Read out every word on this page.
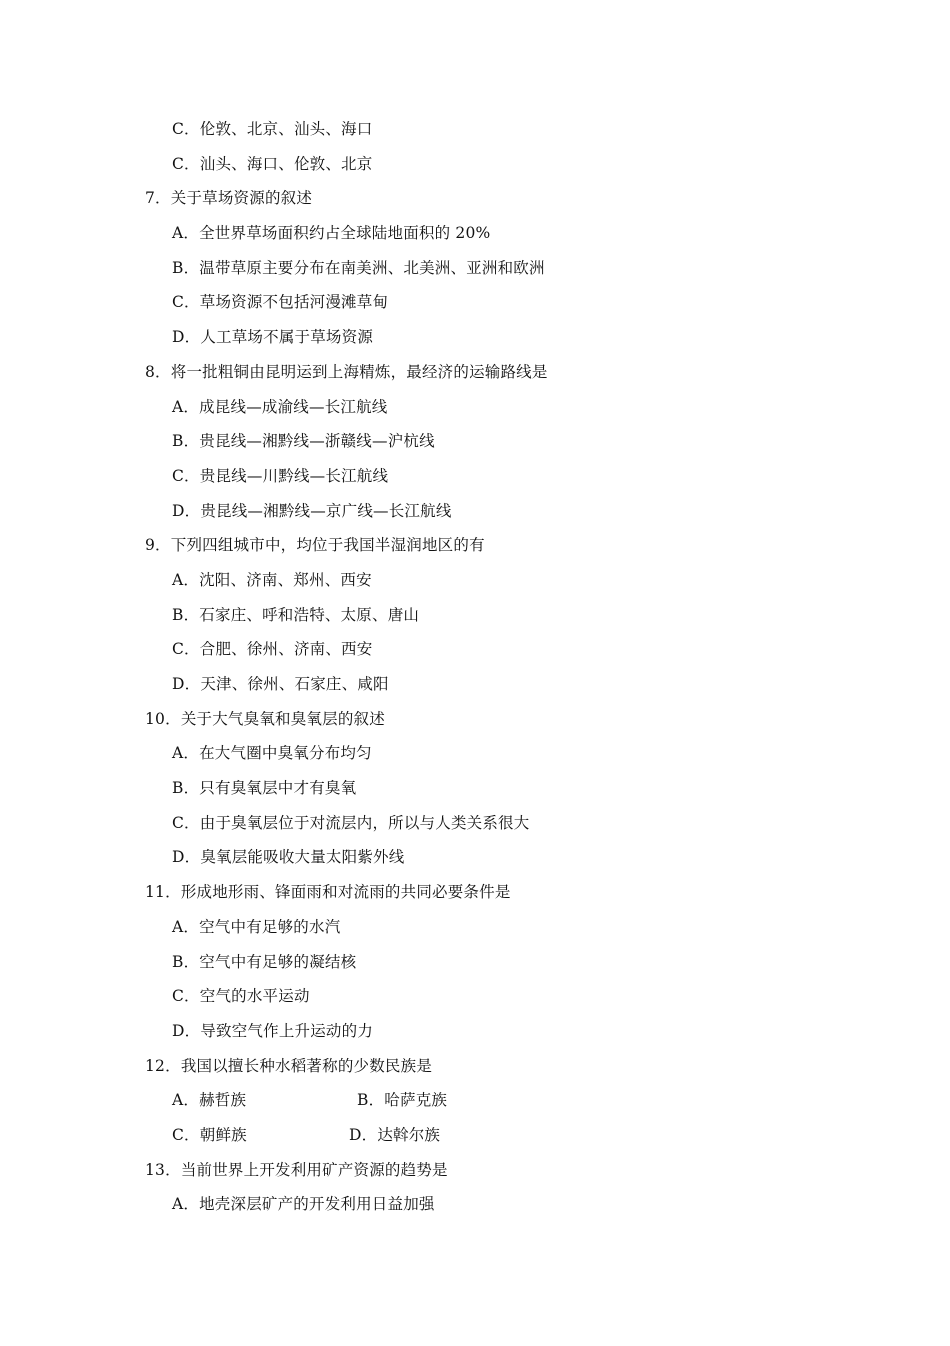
C．伦敦、北京、汕头、海口
C．汕头、海口、伦敦、北京
7．关于草场资源的叙述
A．全世界草场面积约占全球陆地面积的 20%
B．温带草原主要分布在南美洲、北美洲、亚洲和欧洲
C．草场资源不包括河漫滩草甸
D．人工草场不属于草场资源
8．将一批粗铜由昆明运到上海精炼，最经济的运输路线是
A．成昆线—成渝线—长江航线
B．贵昆线—湘黔线—浙赣线—沪杭线
C．贵昆线—川黔线—长江航线
D．贵昆线—湘黔线—京广线—长江航线
9．下列四组城市中，均位于我国半湿润地区的有
A．沈阳、济南、郑州、西安
B．石家庄、呼和浩特、太原、唐山
C．合肥、徐州、济南、西安
D．天津、徐州、石家庄、咸阳
10．关于大气臭氧和臭氧层的叙述
A．在大气圈中臭氧分布均匀
B．只有臭氧层中才有臭氧
C．由于臭氧层位于对流层内，所以与人类关系很大
D．臭氧层能吸收大量太阳紫外线
11．形成地形雨、锋面雨和对流雨的共同必要条件是
A．空气中有足够的水汽
B．空气中有足够的凝结核
C．空气的水平运动
D．导致空气作上升运动的力
12．我国以擅长种水稻著称的少数民族是
A．赫哲族	B．哈萨克族
C．朝鲜族	D．达斡尔族
13．当前世界上开发利用矿产资源的趋势是
A．地壳深层矿产的开发利用日益加强
